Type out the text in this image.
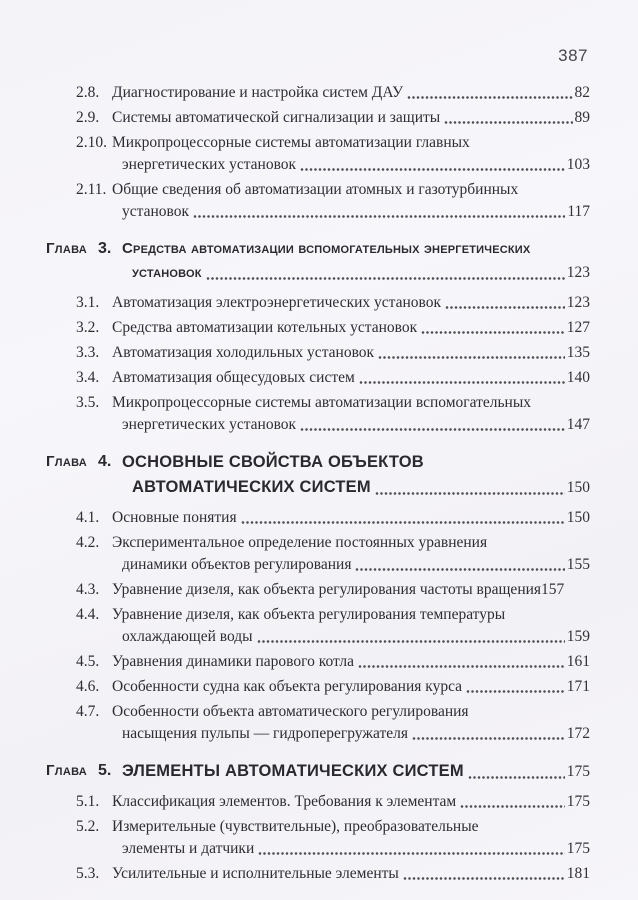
387
2.8. Диагностирование и настройка систем ДАУ	82
2.9. Системы автоматической сигнализации и защиты	89
2.10. Микропроцессорные системы автоматизации главных
энергетических установок	103
2.11. Общие сведения об автоматизации атомных и газотурбинных
установок	117
Глава 3. Средства автоматизации вспомогательных энергетических
установок	123
3.1. Автоматизация электроэнергетических установок	123
3.2. Средства автоматизации котельных установок	127
3.3. Автоматизация холодильных установок	135
3.4. Автоматизация общесудовых систем	140
3.5. Микропроцессорные системы автоматизации вспомогательных
энергетических установок	147
Глава 4. ОСНОВНЫЕ СВОЙСТВА ОБЪЕКТОВ
АВТОМАТИЧЕСКИХ СИСТЕМ	150
4.1. Основные понятия	150
4.2. Экспериментальное определение постоянных уравнения
динамики объектов регулирования	155
4.3. Уравнение дизеля, как объекта регулирования частоты вращения 157
4.4. Уравнение дизеля, как объекта регулирования температуры
охлаждающей воды	159
4.5. Уравнения динамики парового котла	161
4.6. Особенности судна как объекта регулирования курса	171
4.7. Особенности объекта автоматического регулирования
насыщения пульпы — гидроперегружателя	172
Глава 5. ЭЛЕМЕНТЫ АВТОМАТИЧЕСКИХ СИСТЕМ	175
5.1. Классификация элементов. Требования к элементам	175
5.2. Измерительные (чувствительные), преобразовательные
элементы и датчики	175
5.3. Усилительные и исполнительные элементы	181
